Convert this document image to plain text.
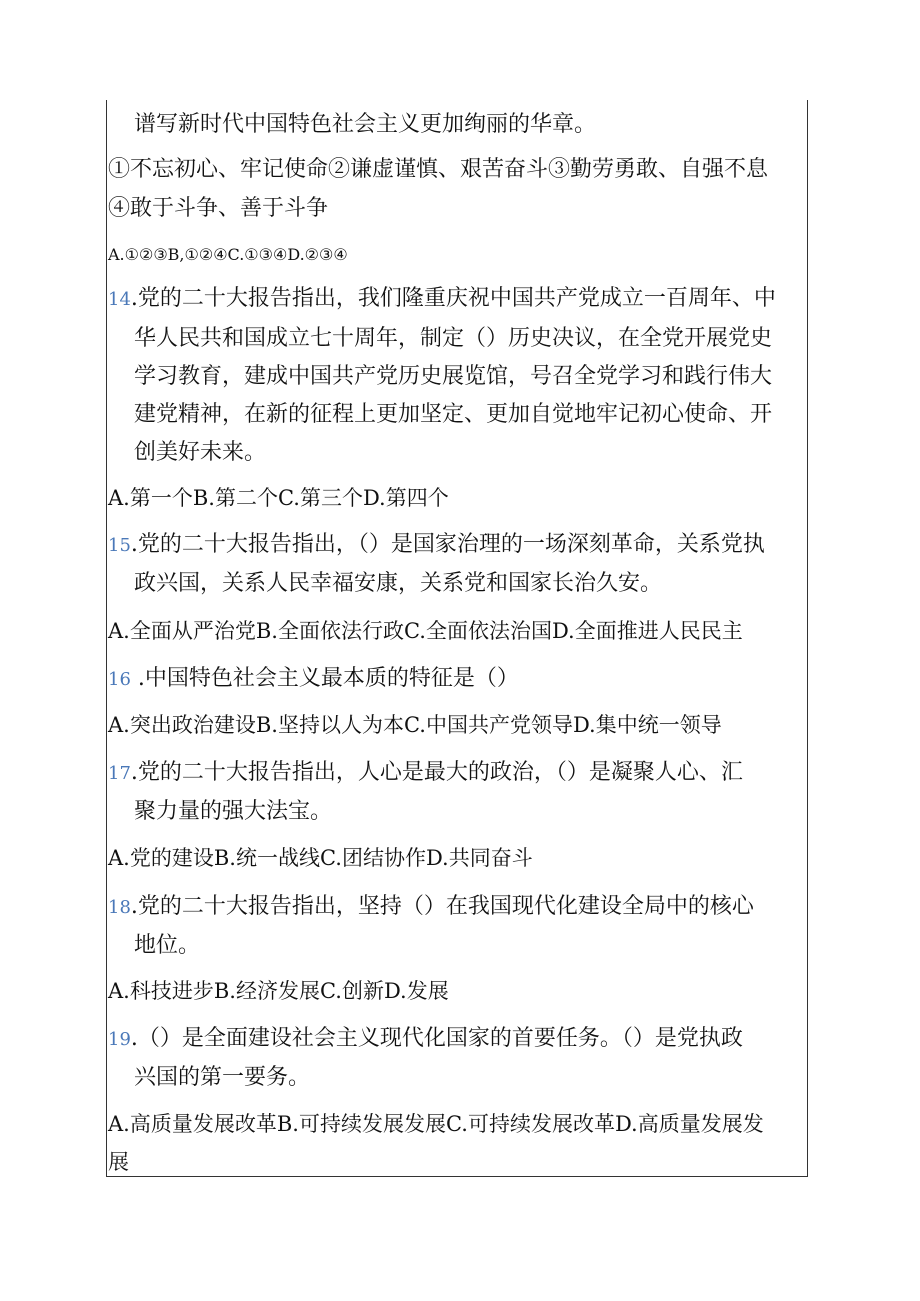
谱写新时代中国特色社会主义更加绚丽的华章。
①不忘初心、牢记使命②谦虚谨慎、艰苦奋斗③勤劳勇敢、自强不息
④敢于斗争、善于斗争
A.①②③B,①②④C.①③④D.②③④
14.党的二十大报告指出，我们隆重庆祝中国共产党成立一百周年、中
华人民共和国成立七十周年，制定（）历史决议，在全党开展党史
学习教育，建成中国共产党历史展览馆，号召全党学习和践行伟大
建党精神，在新的征程上更加坚定、更加自觉地牢记初心使命、开
创美好未来。
A.第一个B.第二个C.第三个D.第四个
15.党的二十大报告指出，（）是国家治理的一场深刻革命，关系党执
政兴国，关系人民幸福安康，关系党和国家长治久安。
A.全面从严治党B.全面依法行政C.全面依法治国D.全面推进人民民主
16 .中国特色社会主义最本质的特征是（）
A.突出政治建设B.坚持以人为本C.中国共产党领导D.集中统一领导
17.党的二十大报告指出，人心是最大的政治，（）是凝聚人心、汇
聚力量的强大法宝。
A.党的建设B.统一战线C.团结协作D.共同奋斗
18.党的二十大报告指出，坚持（）在我国现代化建设全局中的核心
地位。
A.科技进步B.经济发展C.创新D.发展
19.（）是全面建设社会主义现代化国家的首要任务。（）是党执政
兴国的第一要务。
A.高质量发展改革B.可持续发展发展C.可持续发展改革D.高质量发展发
展
